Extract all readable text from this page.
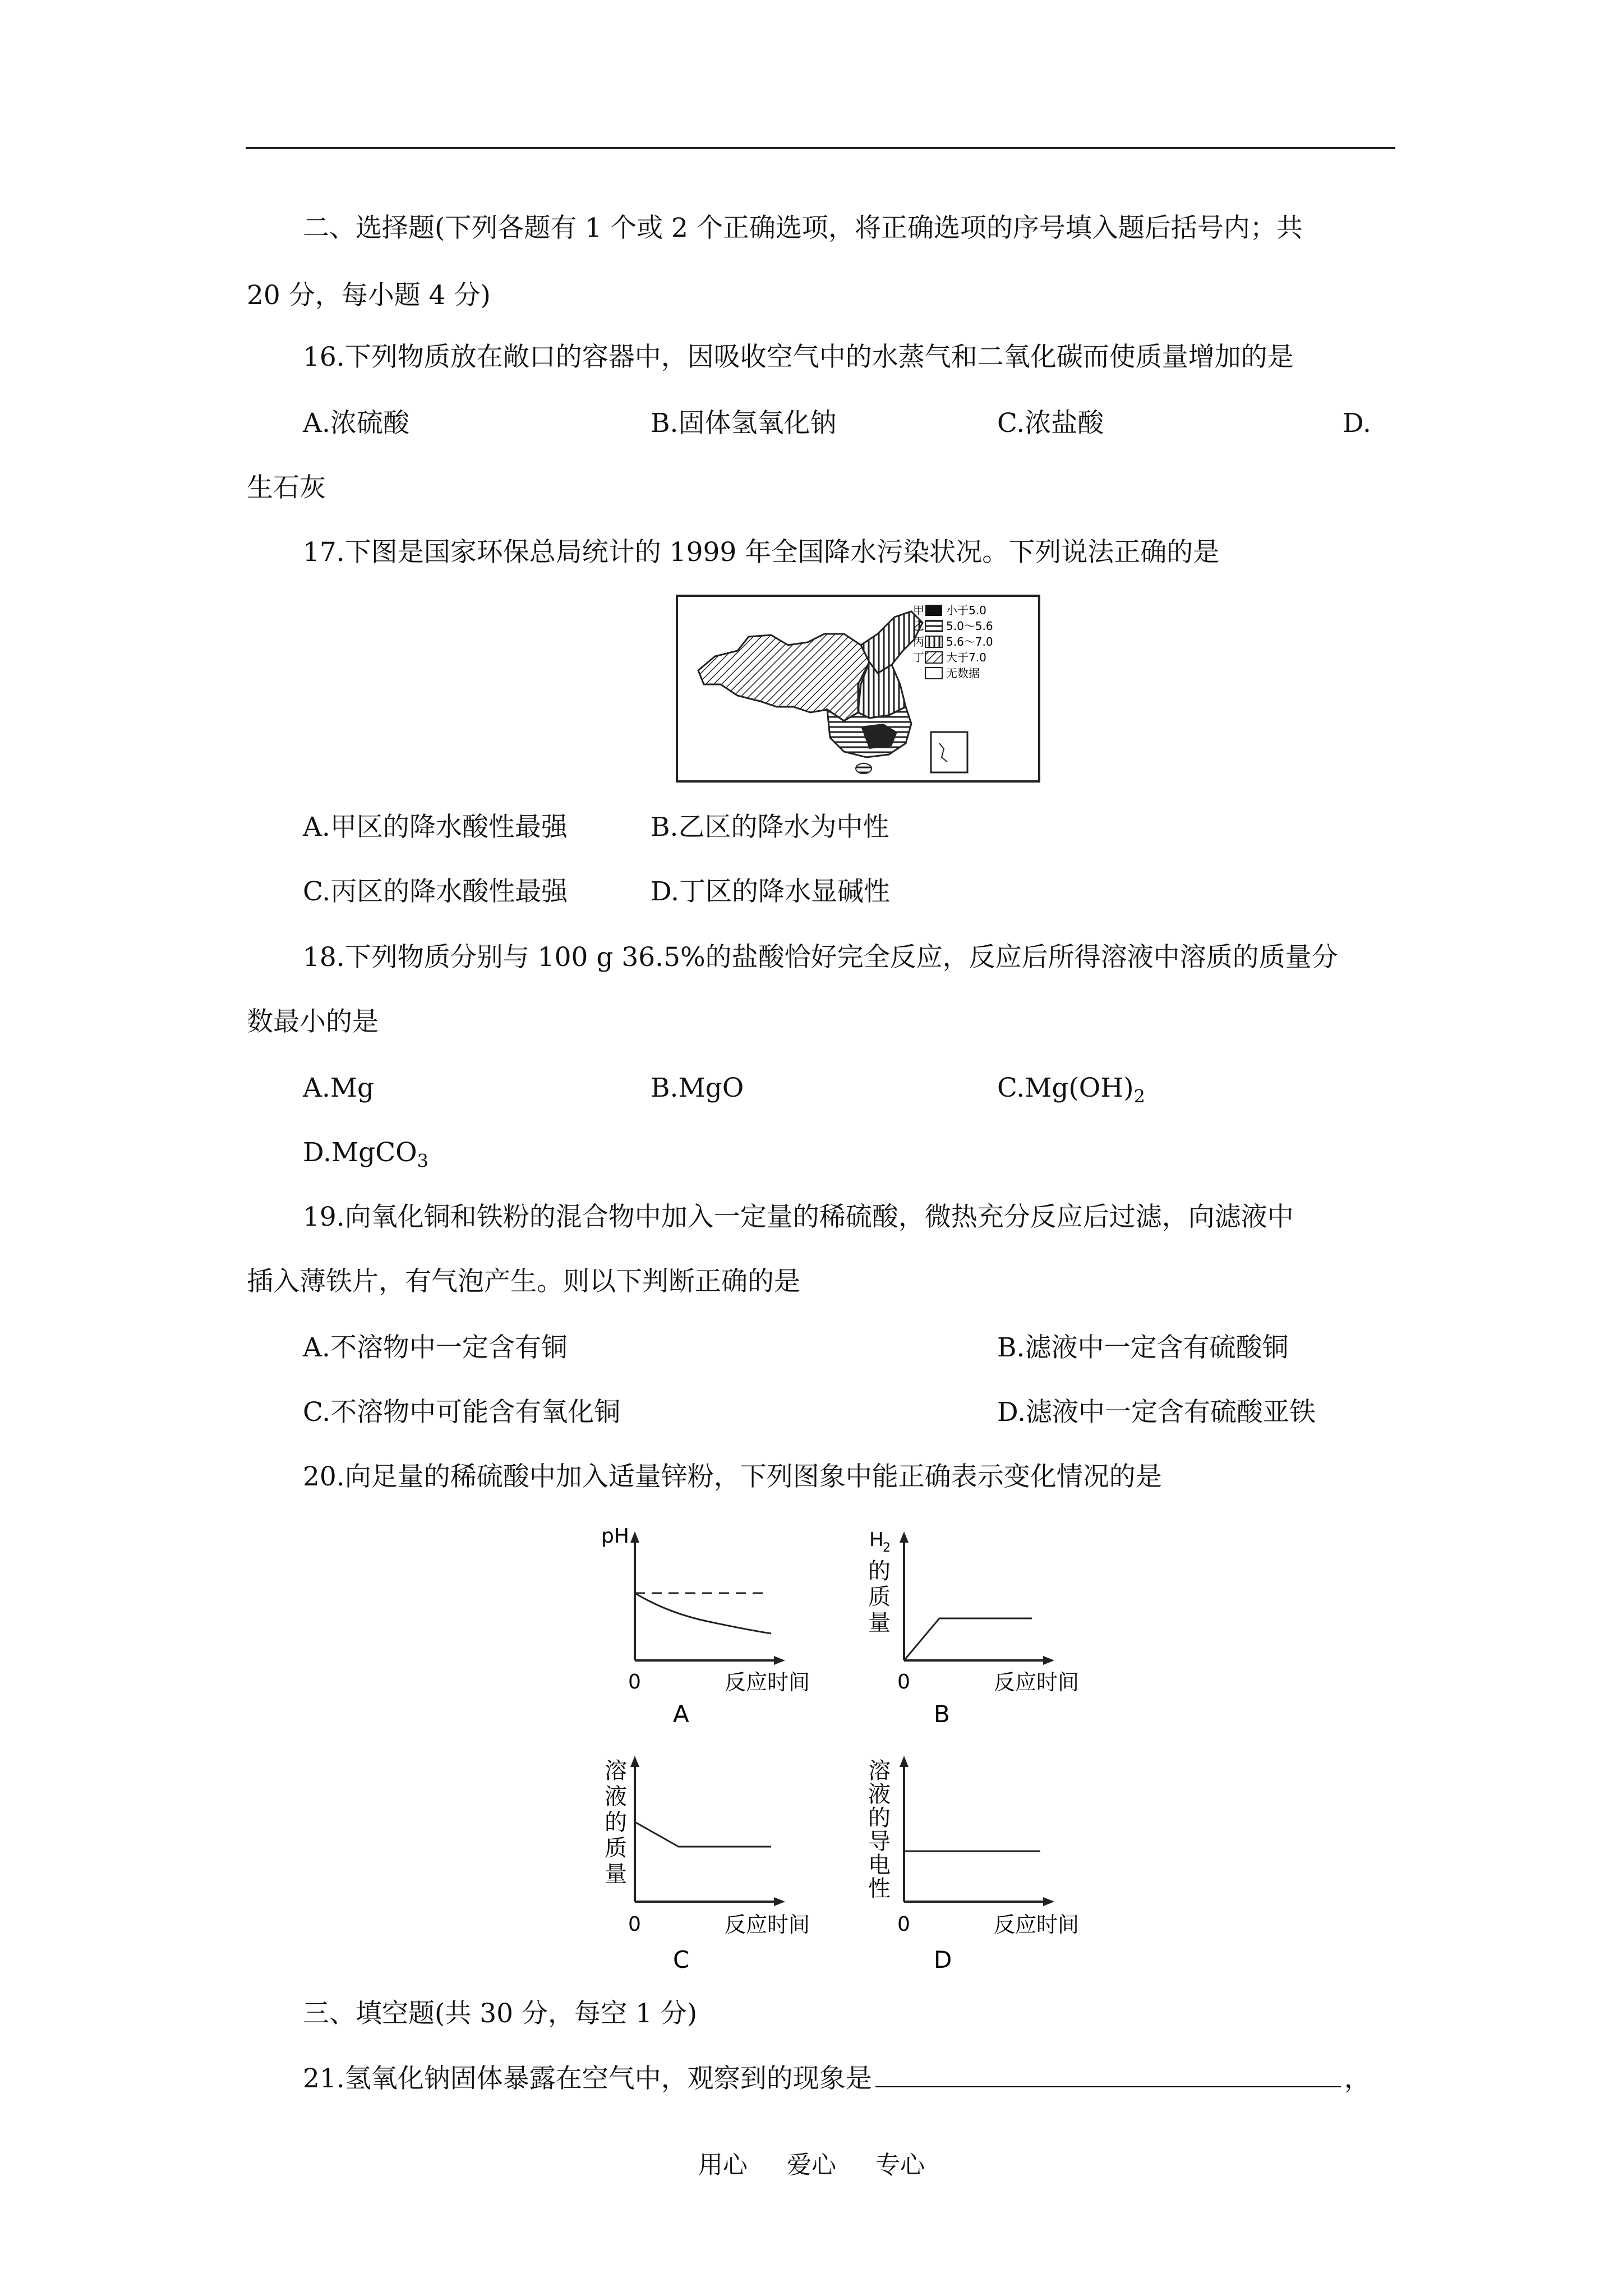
二、选择题(下列各题有 1 个或 2 个正确选项，将正确选项的序号填入题后括号内；共
20 分，每小题 4 分)
16.下列物质放在敞口的容器中，因吸收空气中的水蒸气和二氧化碳而使质量增加的是
A.浓硫酸	B.固体氢氧化钠	C.浓盐酸	D.
生石灰
17.下图是国家环保总局统计的 1999 年全国降水污染状况。下列说法正确的是
甲
乙
丙
丁
小于5.0
5.0～5.6
5.6～7.0
大于7.0
无数据
A.甲区的降水酸性最强	B.乙区的降水为中性
C.丙区的降水酸性最强	D.丁区的降水显碱性
18.下列物质分别与 100 g 36.5%的盐酸恰好完全反应，反应后所得溶液中溶质的质量分
数最小的是
A.Mg	B.MgO	$C.Mg(OH)_2$
D.MgCO$_3$
19.向氧化铜和铁粉的混合物中加入一定量的稀硫酸，微热充分反应后过滤，向滤液中
插入薄铁片，有气泡产生。则以下判断正确的是
A.不溶物中一定含有铜	B.滤液中一定含有硫酸铜
C.不溶物中可能含有氧化铜	D.滤液中一定含有硫酸亚铁
20.向足量的稀硫酸中加入适量锌粉，下列图象中能正确表示变化情况的是
pH
0	反应时间
A
H
2
的
质
量
0	反应时间
B
溶
液
的
质
量
0	反应时间
C
溶
液
的
导
电
性
0	反应时间
D
三、填空题(共 30 分，每空 1 分)
21.氢氧化钠固体暴露在空气中，观察到的现象是	，
用心 爱心 专心
